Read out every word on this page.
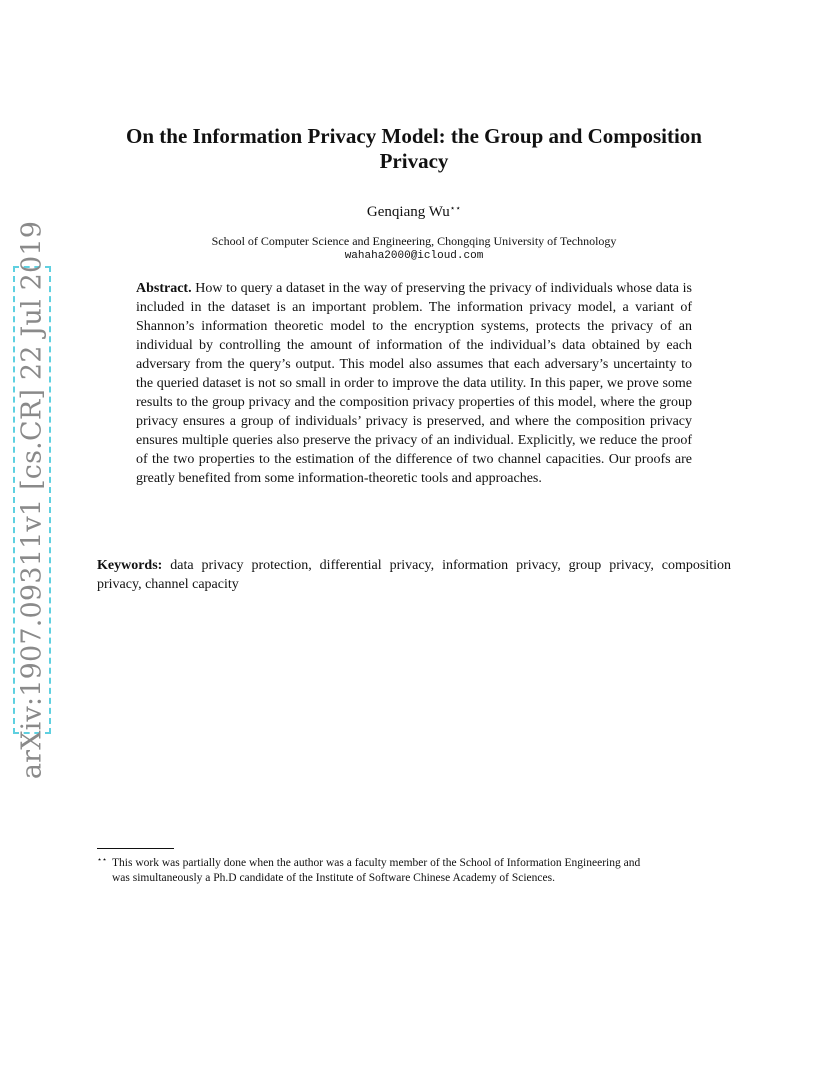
arXiv:1907.09311v1 [cs.CR] 22 Jul 2019
On the Information Privacy Model: the Group and Composition Privacy
Genqiang Wu⋆⋆
School of Computer Science and Engineering, Chongqing University of Technology
wahaha2000@icloud.com

Abstract. How to query a dataset in the way of preserving the privacy of individuals whose data is included in the dataset is an important problem. The information privacy model, a variant of Shannon’s information theoretic model to the encryption systems, protects the privacy of an individual by controlling the amount of information of the individual’s data obtained by each adversary from the query’s output. This model also assumes that each adversary’s uncertainty to the queried dataset is not so small in order to improve the data utility. In this paper, we prove some results to the group privacy and the composition privacy properties of this model, where the group privacy ensures a group of individuals’ privacy is preserved, and where the composition privacy ensures multiple queries also preserve the privacy of an individual. Explicitly, we reduce the proof of the two properties to the estimation of the difference of two channel capacities. Our proofs are greatly benefited from some information-theoretic tools and approaches.

Keywords: data privacy protection, differential privacy, information privacy, group privacy, composition privacy, channel capacity

⋆⋆ This work was partially done when the author was a faculty member of the School of Information Engineering and
was simultaneously a Ph.D candidate of the Institute of Software Chinese Academy of Sciences.
